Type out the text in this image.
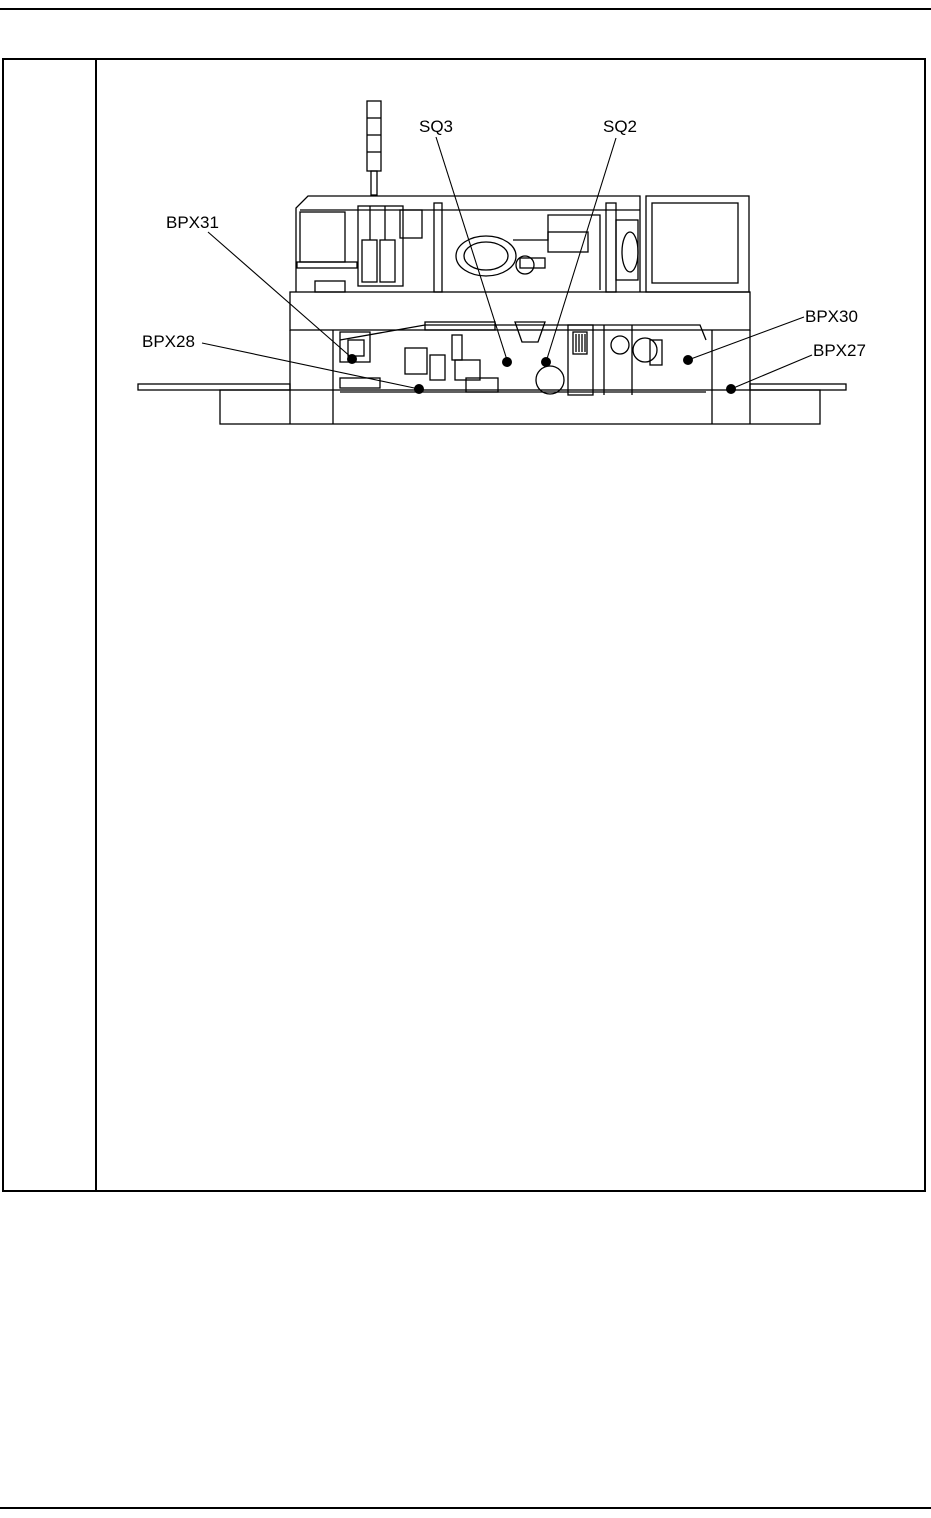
SQ3	SQ2
BPX31
BPX28
BPX30
BPX27
